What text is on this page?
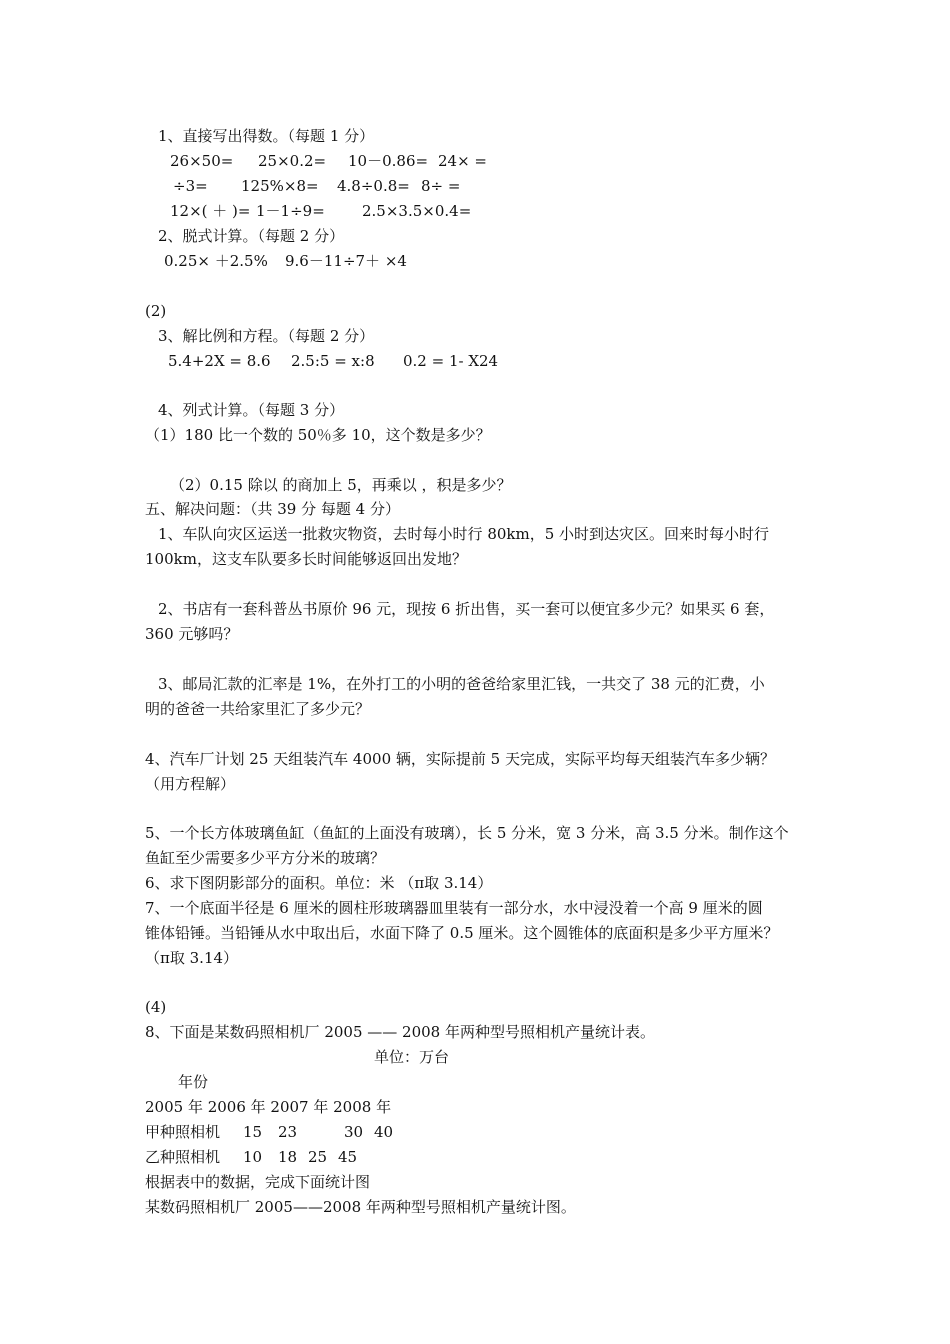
1、直接写出得数。（每题 1 分）
26×50= 25×0.2= 10－0.86= 24× =
÷3= 125%×8= 4.8÷0.8= 8÷ =
12×( ＋ )= 1－1÷9= 2.5×3.5×0.4=
2、脱式计算。（每题 2 分）
0.25× ＋2.5% 9.6－11÷7＋ ×4
(2)
3、解比例和方程。（每题 2 分）
5.4+2X = 8.6 2.5:5 = x:8 0.2 = 1- X24
4、列式计算。（每题 3 分）
（1）180 比一个数的 50％多 10，这个数是多少？
（2）0.15 除以 的商加上 5，再乘以 ，积是多少？
五、解决问题：（共 39 分 每题 4 分）
1、车队向灾区运送一批救灾物资，去时每小时行 80km，5 小时到达灾区。回来时每小时行
100km，这支车队要多长时间能够返回出发地？
2、书店有一套科普丛书原价 96 元，现按 6 折出售，买一套可以便宜多少元？如果买 6 套，
360 元够吗？
3、邮局汇款的汇率是 1%，在外打工的小明的爸爸给家里汇钱，一共交了 38 元的汇费，小
明的爸爸一共给家里汇了多少元？
4、汽车厂计划 25 天组装汽车 4000 辆，实际提前 5 天完成，实际平均每天组装汽车多少辆？
（用方程解）
5、一个长方体玻璃鱼缸（鱼缸的上面没有玻璃），长 5 分米，宽 3 分米，高 3.5 分米。制作这个
鱼缸至少需要多少平方分米的玻璃？
6、求下图阴影部分的面积。单位：米 （π取 3.14）
7、一个底面半径是 6 厘米的圆柱形玻璃器皿里装有一部分水，水中浸没着一个高 9 厘米的圆
锥体铅锤。当铅锤从水中取出后，水面下降了 0.5 厘米。这个圆锥体的底面积是多少平方厘米？
（π取 3.14）
(4)
8、下面是某数码照相机厂 2005 —— 2008 年两种型号照相机产量统计表。
单位：万台
年份
2005 年 2006 年 2007 年 2008 年
甲种照相机 15 23	30 40
乙种照相机 10 18 25 45
根据表中的数据，完成下面统计图
某数码照相机厂 2005——2008 年两种型号照相机产量统计图。
